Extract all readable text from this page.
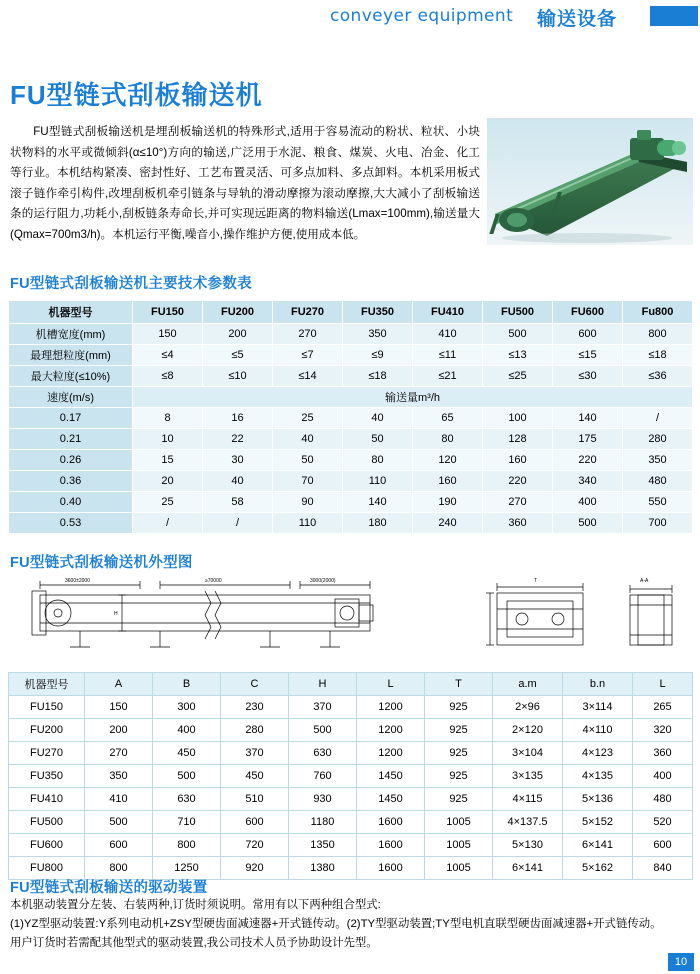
conveyer equipment 输送设备
FU型链式刮板输送机

FU型链式刮板输送机是埋刮板输送机的特殊形式,适用于容易流动的粉状、粒状、小块状物料的水平或微倾斜(α≤10°)方向的输送,广泛用于水泥、粮食、煤炭、火电、冶金、化工等行业。本机结构紧凑、密封性好、工艺布置灵活、可多点加料、多点卸料。本机采用板式滚子链作牵引构件,改埋刮板机牵引链条与导轨的滑动摩擦为滚动摩擦,大大减小了刮板输送条的运行阻力,功耗小,刮板链条寿命长,并可实现远距离的物料输送(Lmax=100mm),输送量大(Qmax=700m3/h)。本机运行平衡,噪音小,操作维护方便,使用成本低。

FU型链式刮板输送机主要技术参数表
机器型号	FU150	FU200	FU270	FU350	FU410	FU500	FU600	Fu800
机槽宽度(mm)	150	200	270	350	410	500	600	800
最理想粒度(mm)	≤4	≤5	≤7	≤9	≤11	≤13	≤15	≤18
最大粒度(≤10%)	≤8	≤10	≤14	≤18	≤21	≤25	≤30	≤36
速度(m/s)	输送量m³/h							
0.17	8	16	25	40	65	100	140	/
0.21	10	22	40	50	80	128	175	280
0.26	15	30	50	80	120	160	220	350
0.36	20	40	70	110	160	220	340	480
0.40	25	58	90	140	190	270	400	550
0.53	/	/	110	180	240	360	500	700
FU型链式刮板输送机外型图
3600±2000	≥70000	3000(2000)
H
A-A
T
机器型号	A	B	C	H	L	T	a.m	b.n	L
FU150	150	300	230	370	1200	925	2×96	3×114	265
FU200	200	400	280	500	1200	925	2×120	4×110	320
FU270	270	450	370	630	1200	925	3×104	4×123	360
FU350	350	500	450	760	1450	925	3×135	4×135	400
FU410	410	630	510	930	1450	925	4×115	5×136	480
FU500	500	710	600	1180	1600	1005	4×137.5	5×152	520
FU600	600	800	720	1350	1600	1005	5×130	6×141	600
FU800	800	1250	920	1380	1600	1005	6×141	5×162	840
FU型链式刮板输送的驱动装置

本机驱动装置分左装、右装两种,订货时须说明。常用有以下两种组合型式:

(1)YZ型驱动装置:Y系列电动机+ZSY型硬齿面减速器+开式链传动。(2)TY型驱动装置;TY型电机直联型硬齿面减速器+开式链传动。

用户订货时若需配其他型式的驱动装置,我公司技术人员予协助设计先型。

10
